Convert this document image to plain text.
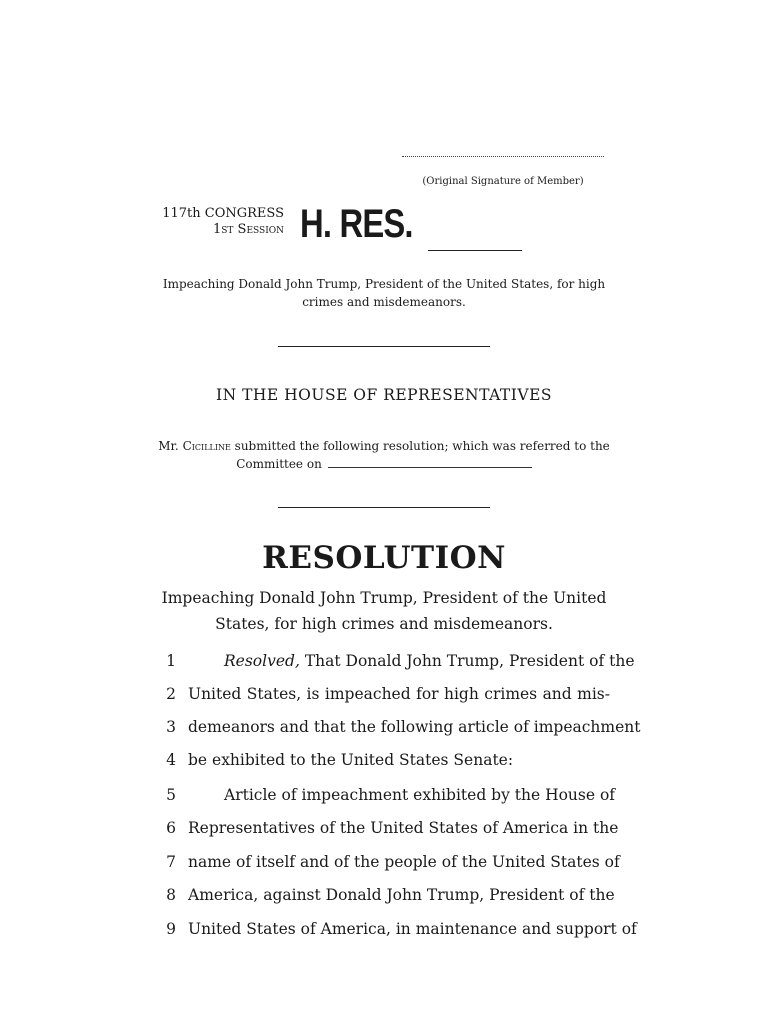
(Original Signature of Member)
117th CONGRESS
1st Session H. RES.
Impeaching Donald John Trump, President of the United States, for high crimes and misdemeanors.
IN THE HOUSE OF REPRESENTATIVES
Mr. Cicilline submitted the following resolution; which was referred to the
Committee on
RESOLUTION
Impeaching Donald John Trump, President of the United States, for high crimes and misdemeanors.
1	Resolved, That Donald John Trump, President of the
2 United States, is impeached for high crimes and mis-
3 demeanors and that the following article of impeachment
4 be exhibited to the United States Senate:
5	Article of impeachment exhibited by the House of
6 Representatives of the United States of America in the
7 name of itself and of the people of the United States of
8 America, against Donald John Trump, President of the
9 United States of America, in maintenance and support of
